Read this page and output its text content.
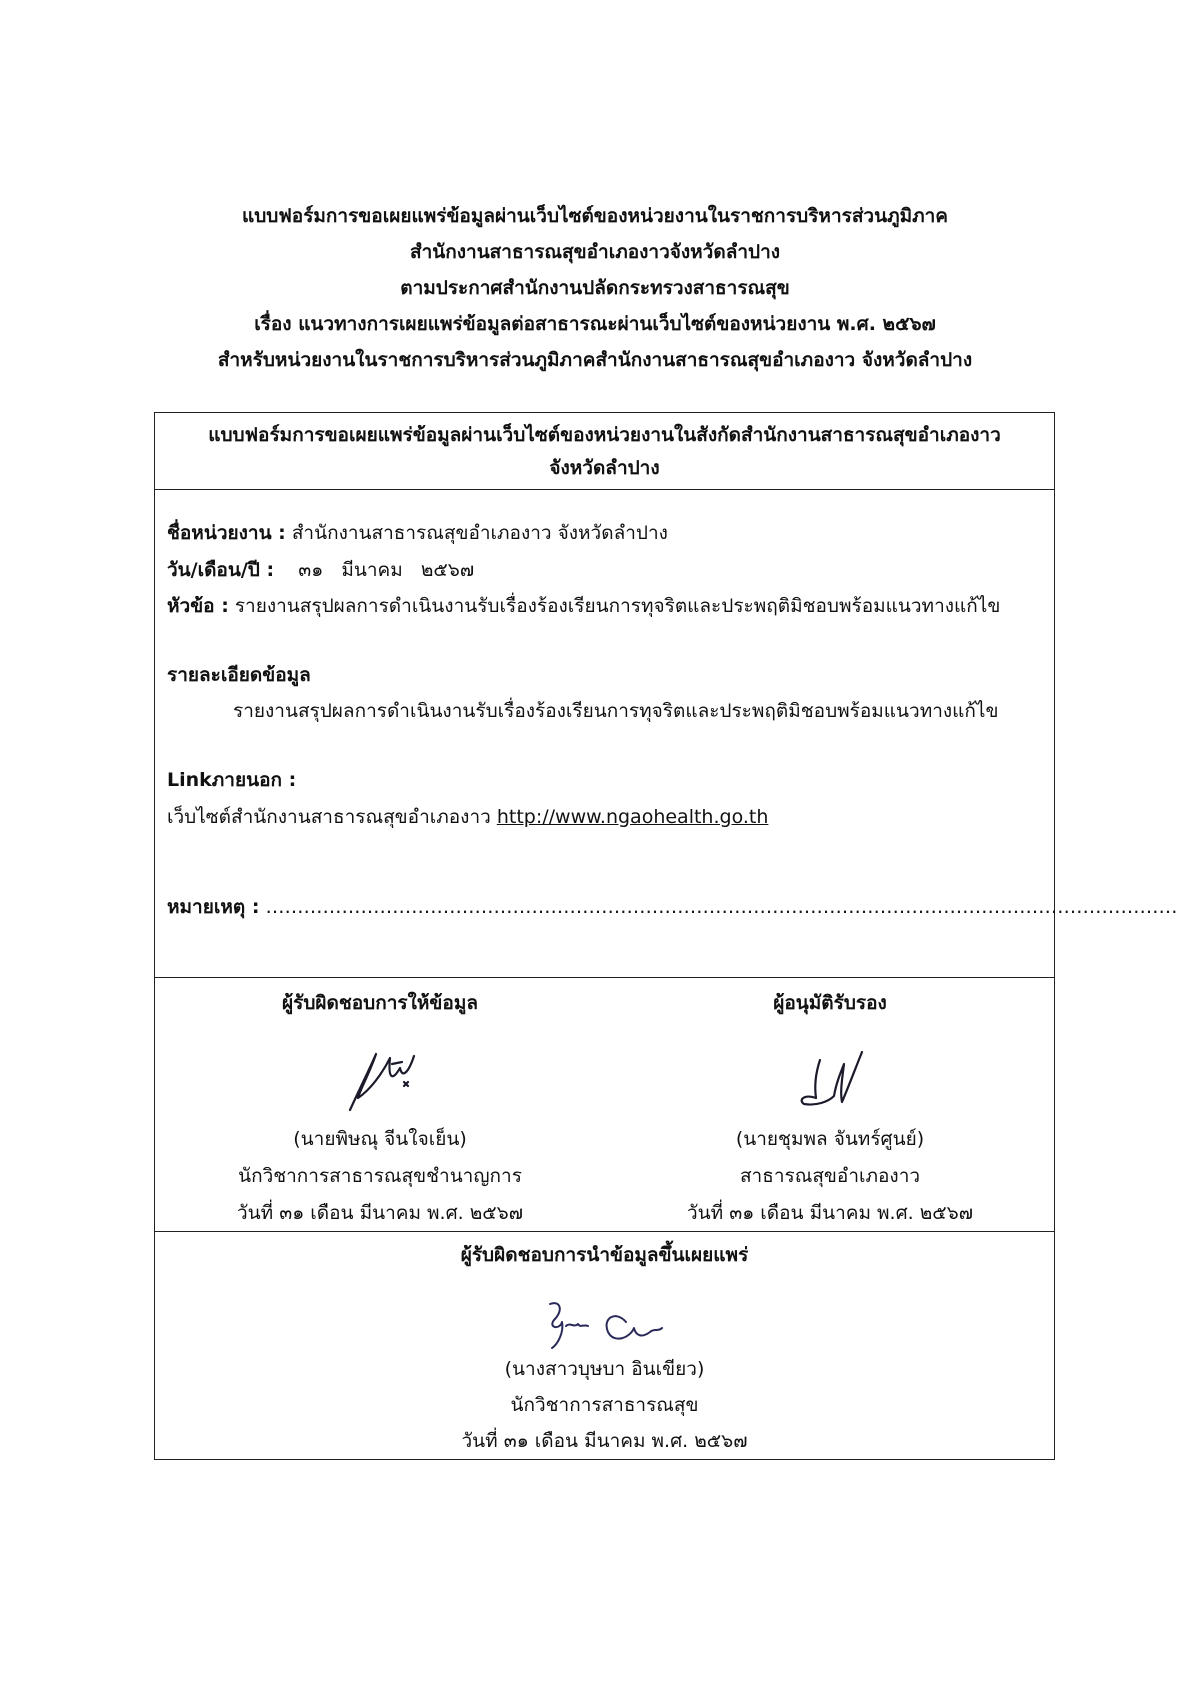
แบบฟอร์มการขอเผยแพร่ข้อมูลผ่านเว็บไซต์ของหน่วยงานในราชการบริหารส่วนภูมิภาค
สำนักงานสาธารณสุขอำเภองาวจังหวัดลำปาง
ตามประกาศสำนักงานปลัดกระทรวงสาธารณสุข
เรื่อง แนวทางการเผยแพร่ข้อมูลต่อสาธารณะผ่านเว็บไซต์ของหน่วยงาน พ.ศ. ๒๕๖๗
สำหรับหน่วยงานในราชการบริหารส่วนภูมิภาคสำนักงานสาธารณสุขอำเภองาว จังหวัดลำปาง
แบบฟอร์มการขอเผยแพร่ข้อมูลผ่านเว็บไซต์ของหน่วยงานในสังกัดสำนักงานสาธารณสุขอำเภองาว
จังหวัดลำปาง
ชื่อหน่วยงาน : สำนักงานสาธารณสุขอำเภองาว จังหวัดลำปาง
วัน/เดือน/ปี :    ๓๑   มีนาคม   ๒๕๖๗
หัวข้อ : รายงานสรุปผลการดำเนินงานรับเรื่องร้องเรียนการทุจริตและประพฤติมิชอบพร้อมแนวทางแก้ไข
รายละเอียดข้อมูล
รายงานสรุปผลการดำเนินงานรับเรื่องร้องเรียนการทุจริตและประพฤติมิชอบพร้อมแนวทางแก้ไข
Linkภายนอก :
เว็บไซต์สำนักงานสาธารณสุขอำเภองาว http://www.ngaohealth.go.th
หมายเหตุ : ………………………………………………………………………………………………………………………………
ผู้รับผิดชอบการให้ข้อมูล
(นายพิษณุ จีนใจเย็น)
นักวิชาการสาธารณสุขชำนาญการ
วันที่ ๓๑ เดือน มีนาคม พ.ศ. ๒๕๖๗
ผู้อนุมัติรับรอง
(นายชุมพล จันทร์ศูนย์)
สาธารณสุขอำเภองาว
วันที่ ๓๑ เดือน มีนาคม พ.ศ. ๒๕๖๗
ผู้รับผิดชอบการนำข้อมูลขึ้นเผยแพร่
(นางสาวบุษบา อินเขียว)
นักวิชาการสาธารณสุข
วันที่ ๓๑ เดือน มีนาคม พ.ศ. ๒๕๖๗
